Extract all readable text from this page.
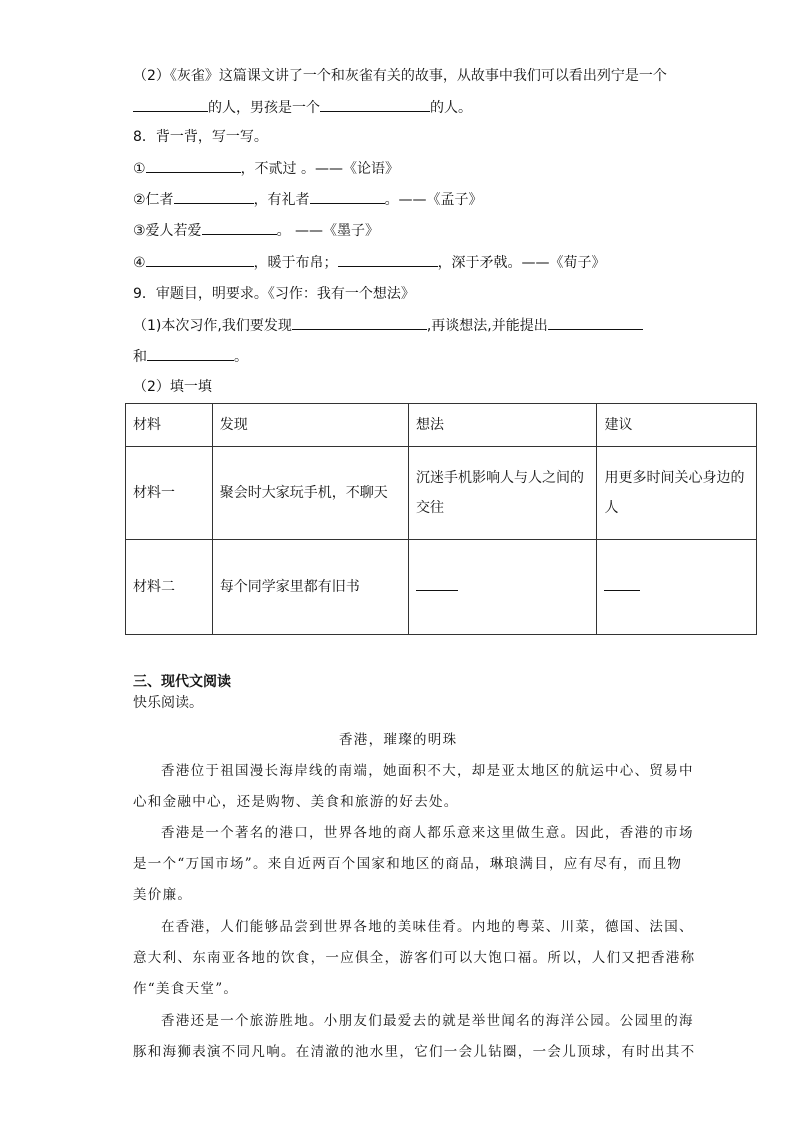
（2）《灰雀》这篇课文讲了一个和灰雀有关的故事，从故事中我们可以看出列宁是一个
的人，男孩是一个	的人。
8．背一背，写一写。
①	，不贰过 。——《论语》
②仁者	，有礼者	。——《孟子》
③爱人若爱	。 ——《墨子》
④	，暖于布帛；	，深于矛戟。——《荀子》
9．审题目，明要求。《习作：我有一个想法》
（1)本次习作,我们要发现	,再谈想法,并能提出
和	。
（2）填一填
材料	发现	想法	建议
材料一	聚会时大家玩手机，不聊天	沉迷手机影响人与人之间的交往	用更多时间关心身边的人
材料二	每个同学家里都有旧书		
三、现代文阅读
快乐阅读。
香港，璀璨的明珠
香港位于祖国漫长海岸线的南端，她面积不大，却是亚太地区的航运中心、贸易中
心和金融中心，还是购物、美食和旅游的好去处。
香港是一个著名的港口，世界各地的商人都乐意来这里做生意。因此，香港的市场
是一个“万国市场”。来自近两百个国家和地区的商品，琳琅满目，应有尽有，而且物
美价廉。
在香港，人们能够品尝到世界各地的美味佳肴。内地的粤菜、川菜，德国、法国、
意大利、东南亚各地的饮食，一应俱全，游客们可以大饱口福。所以，人们又把香港称
作“美食天堂”。
香港还是一个旅游胜地。小朋友们最爱去的就是举世闻名的海洋公园。公园里的海
豚和海狮表演不同凡响。在清澈的池水里，它们一会儿钻圈，一会儿顶球，有时出其不
